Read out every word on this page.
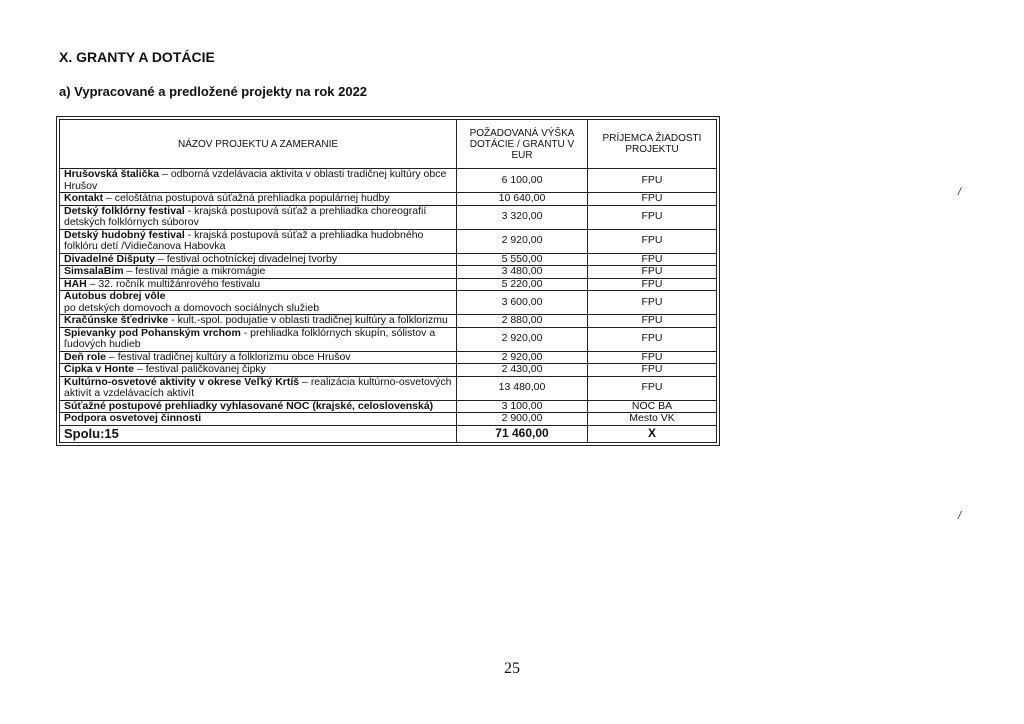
X. GRANTY A DOTÁCIE
a) Vypracované a predložené projekty na rok 2022
NÁZOV PROJEKTU A ZAMERANIE	POŽADOVANÁ VÝŠKA DOTÁCIE / GRANTU V EUR	PRÍJEMCA ŽIADOSTI PROJEKTU
Hrušovská štalička – odborná vzdelávacia aktivita v oblasti tradičnej kultúry obce Hrušov	6 100,00	FPU
Kontakt – celoštátna postupová súťažná prehliadka populárnej hudby	10 640,00	FPU
Detský folklórny festival - krajská postupová súťaž a prehliadka choreografií detských folklórnych súborov	3 320,00	FPU
Detský hudobný festival - krajská postupová súťaž a prehliadka hudobného folklóru detí /Vidiečanova Habovka	2 920,00	FPU
Divadelné Dišputy – festival ochotníckej divadelnej tvorby	5 550,00	FPU
SimsalaBim – festival mágie a mikromágie	3 480,00	FPU
HAH – 32. ročník multižánrového festivalu	5 220,00	FPU
Autobus dobrej vôle
po detských domovoch a domovoch sociálnych služieb	3 600,00	FPU
Kračúnske šťedrivke - kult.-spol. podujatie v oblasti tradičnej kultúry a folklorizmu	2 880,00	FPU
Spievanky pod Pohanským vrchom - prehliadka folklórnych skupín, sólistov a ľudových hudieb	2 920,00	FPU
Deň role – festival tradičnej kultúry a folklorizmu obce Hrušov	2 920,00	FPU
Čipka v Honte – festival paličkovanej čipky	2 430,00	FPU
Kultúrno-osvetové aktivity v okrese Veľký Krtíš – realizácia kultúrno-osvetových aktivít a vzdelávacích aktivít	13 480,00	FPU
Súťažné postupové prehliadky vyhlasované NOC (krajské, celoslovenská)	3 100,00	NOC BA
Podpora osvetovej činnosti	2 900,00	Mesto VK
Spolu:15	71 460,00	X
/
/
25
